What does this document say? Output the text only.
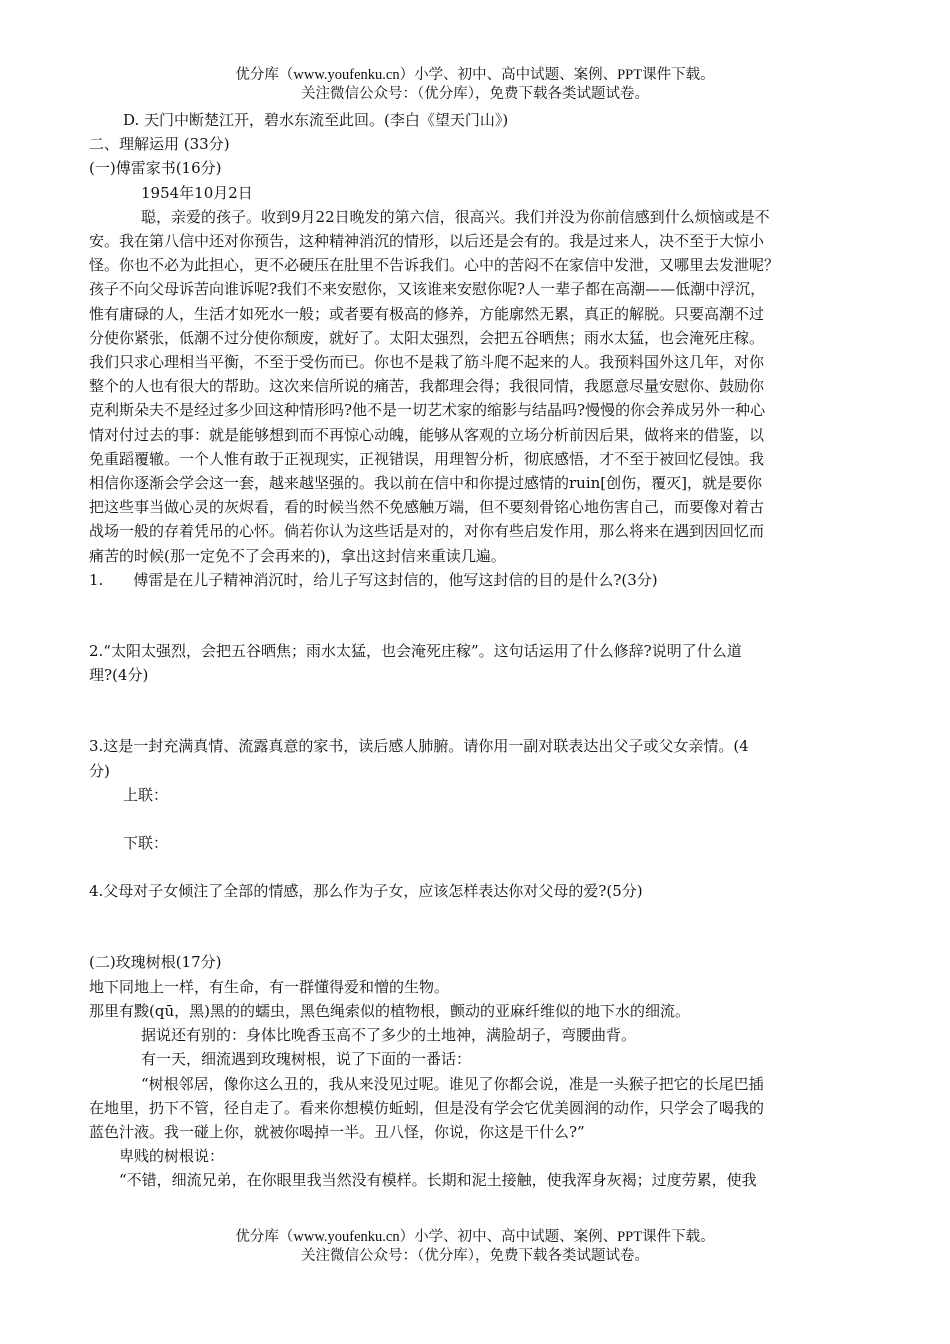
优分库（www.youfenku.cn）小学、初中、高中试题、案例、PPT课件下载。
关注微信公众号：（优分库），免费下载各类试题试卷。
D. 天门中断楚江开，碧水东流至此回。(李白《望天门山》)
二、理解运用 (33分)
(一)傅雷家书(16分)
1954年10月2日
聪，亲爱的孩子。收到9月22日晚发的第六信，很高兴。我们并没为你前信感到什么烦恼或是不
安。我在第八信中还对你预告，这种精神消沉的情形，以后还是会有的。我是过来人，决不至于大惊小
怪。你也不必为此担心，更不必硬压在肚里不告诉我们。心中的苦闷不在家信中发泄，又哪里去发泄呢？
孩子不向父母诉苦向谁诉呢?我们不来安慰你，又该谁来安慰你呢?人一辈子都在高潮——低潮中浮沉，
惟有庸碌的人，生活才如死水一般；或者要有极高的修养，方能廓然无累，真正的解脱。只要高潮不过
分使你紧张，低潮不过分使你颓废，就好了。太阳太强烈，会把五谷晒焦；雨水太猛，也会淹死庄稼。
我们只求心理相当平衡，不至于受伤而已。你也不是栽了筋斗爬不起来的人。我预料国外这几年，对你
整个的人也有很大的帮助。这次来信所说的痛苦，我都理会得；我很同情，我愿意尽量安慰你、鼓励你
克利斯朵夫不是经过多少回这种情形吗?他不是一切艺术家的缩影与结晶吗?慢慢的你会养成另外一种心
情对付过去的事：就是能够想到而不再惊心动魄，能够从客观的立场分析前因后果，做将来的借鉴，以
免重蹈覆辙。一个人惟有敢于正视现实，正视错误，用理智分析，彻底感悟，才不至于被回忆侵蚀。我
相信你逐渐会学会这一套，越来越坚强的。我以前在信中和你提过感情的ruin[创伤，覆灭]，就是要你
把这些事当做心灵的灰烬看，看的时候当然不免感触万端，但不要刻骨铭心地伤害自己，而要像对着古
战场一般的存着凭吊的心怀。倘若你认为这些话是对的，对你有些启发作用，那么将来在遇到因回忆而
痛苦的时候(那一定免不了会再来的)，拿出这封信来重读几遍。
1.　　傅雷是在儿子精神消沉时，给儿子写这封信的，他写这封信的目的是什么?(3分)
2.“太阳太强烈，会把五谷晒焦；雨水太猛，也会淹死庄稼”。这句话运用了什么修辞?说明了什么道
理?(4分)
3.这是一封充满真情、流露真意的家书，读后感人肺腑。请你用一副对联表达出父子或父女亲情。(4
分)
上联：
下联：
4.父母对子女倾注了全部的情感，那么作为子女，应该怎样表达你对父母的爱?(5分)
(二)玫瑰树根(17分)
地下同地上一样，有生命，有一群懂得爱和憎的生物。
那里有黢(qū，黑)黑的的蠕虫，黑色绳索似的植物根，颤动的亚麻纤维似的地下水的细流。
据说还有别的：身体比晚香玉高不了多少的土地神，满脸胡子，弯腰曲背。
有一天，细流遇到玫瑰树根，说了下面的一番话：
“树根邻居，像你这么丑的，我从来没见过呢。谁见了你都会说，准是一头猴子把它的长尾巴插
在地里，扔下不管，径自走了。看来你想模仿蚯蚓，但是没有学会它优美圆润的动作，只学会了喝我的
蓝色汁液。我一碰上你，就被你喝掉一半。丑八怪，你说，你这是干什么?”
卑贱的树根说：
“不错，细流兄弟，在你眼里我当然没有模样。长期和泥土接触，使我浑身灰褐；过度劳累，使我
优分库（www.youfenku.cn）小学、初中、高中试题、案例、PPT课件下载。
关注微信公众号：（优分库），免费下载各类试题试卷。
